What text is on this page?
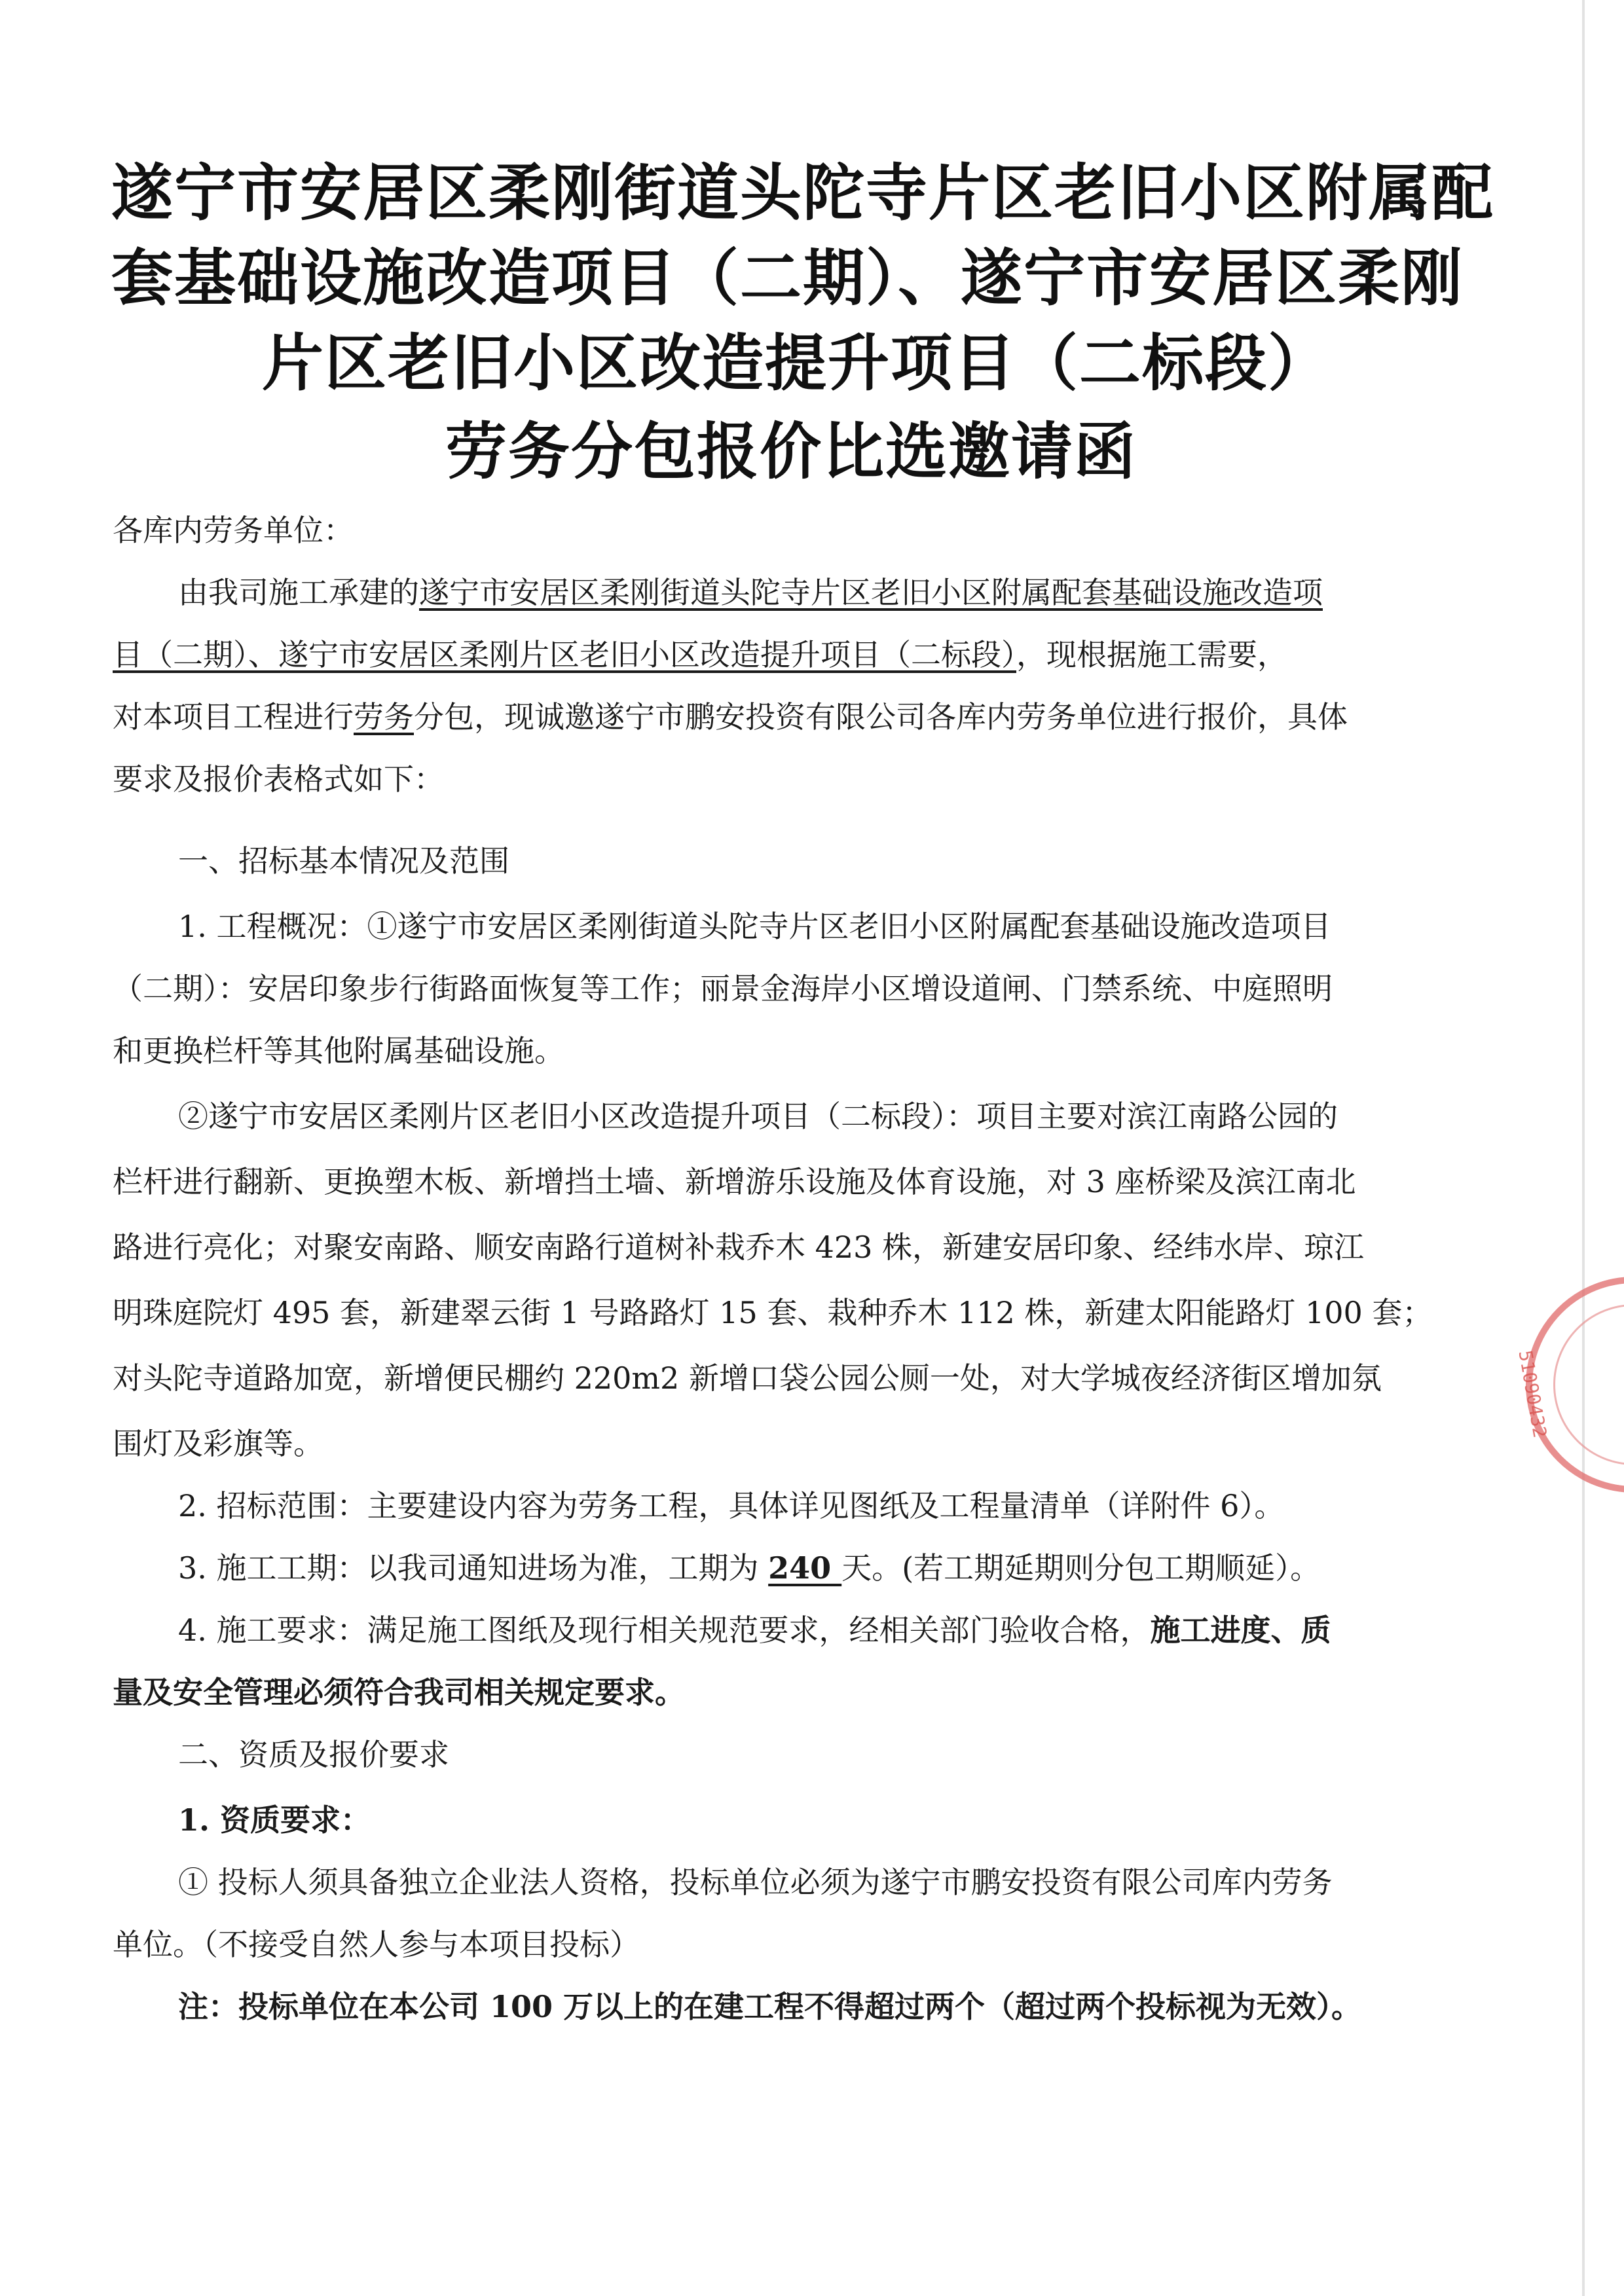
遂宁市安居区柔刚街道头陀寺片区老旧小区附属配
套基础设施改造项目（二期）、遂宁市安居区柔刚
片区老旧小区改造提升项目（二标段）
劳务分包报价比选邀请函
各库内劳务单位：
由我司施工承建的遂宁市安居区柔刚街道头陀寺片区老旧小区附属配套基础设施改造项
目（二期）、遂宁市安居区柔刚片区老旧小区改造提升项目（二标段），现根据施工需要，
对本项目工程进行劳务分包，现诚邀遂宁市鹏安投资有限公司各库内劳务单位进行报价，具体
要求及报价表格式如下：
一、招标基本情况及范围
1. 工程概况：①遂宁市安居区柔刚街道头陀寺片区老旧小区附属配套基础设施改造项目
（二期）：安居印象步行街路面恢复等工作；丽景金海岸小区增设道闸、门禁系统、中庭照明
和更换栏杆等其他附属基础设施。
②遂宁市安居区柔刚片区老旧小区改造提升项目（二标段）：项目主要对滨江南路公园的
栏杆进行翻新、更换塑木板、新增挡土墙、新增游乐设施及体育设施，对 3 座桥梁及滨江南北
路进行亮化；对聚安南路、顺安南路行道树补栽乔木 423 株，新建安居印象、经纬水岸、琼江
明珠庭院灯 495 套，新建翠云街 1 号路路灯 15 套、栽种乔木 112 株，新建太阳能路灯 100 套；
对头陀寺道路加宽，新增便民棚约 220m2 新增口袋公园公厕一处，对大学城夜经济街区增加氛
围灯及彩旗等。
2. 招标范围：主要建设内容为劳务工程，具体详见图纸及工程量清单（详附件 6）。
3. 施工工期：以我司通知进场为准，工期为 240 天。(若工期延期则分包工期顺延）。
4. 施工要求：满足施工图纸及现行相关规范要求，经相关部门验收合格，施工进度、质
量及安全管理必须符合我司相关规定要求。
二、资质及报价要求
1. 资质要求：
① 投标人须具备独立企业法人资格，投标单位必须为遂宁市鹏安投资有限公司库内劳务
单位。（不接受自然人参与本项目投标）
注：投标单位在本公司 100 万以上的在建工程不得超过两个（超过两个投标视为无效）。
51090432
